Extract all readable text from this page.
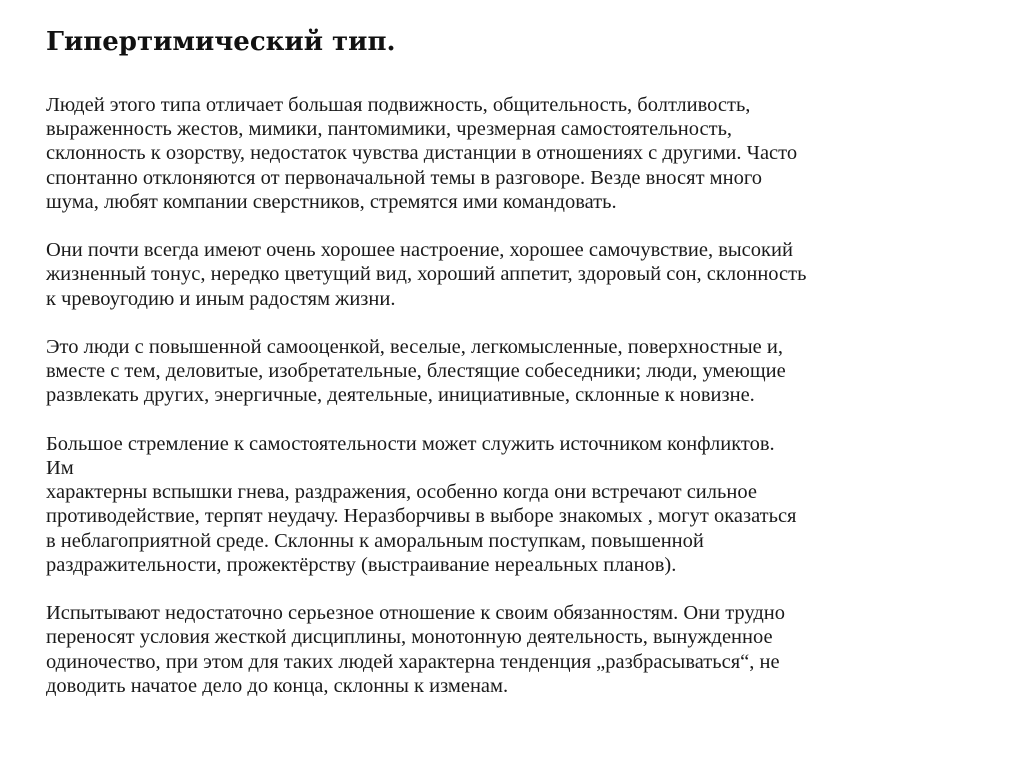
Гипертимический тип.
Людей этого типа отличает большая подвижность, общительность, болтливость,
выраженность жестов, мимики, пантомимики, чрезмерная самостоятельность,
склонность к озорству, недостаток чувства дистанции в отношениях с другими. Часто
спонтанно отклоняются от первоначальной темы в разговоре. Везде вносят много
шума, любят компании сверстников, стремятся ими командовать.
Они почти всегда имеют очень хорошее настроение, хорошее самочувствие, высокий
жизненный тонус, нередко цветущий вид, хороший аппетит, здоровый сон, склонность
к чревоугодию и иным радостям жизни.
Это люди с повышенной самооценкой, веселые, легкомысленные, поверхностные и,
вместе с тем, деловитые, изобретательные, блестящие собеседники; люди, умеющие
развлекать других, энергичные, деятельные, инициативные, склонные к новизне.
Большое стремление к самостоятельности может служить источником конфликтов.
Им
характерны вспышки гнева, раздражения, особенно когда они встречают сильное
противодействие, терпят неудачу. Неразборчивы в выборе знакомых , могут оказаться
в неблагоприятной среде. Склонны к аморальным поступкам, повышенной
раздражительности, прожектёрству (выстраивание нереальных планов).
Испытывают недостаточно серьезное отношение к своим обязанностям. Они трудно
переносят условия жесткой дисциплины, монотонную деятельность, вынужденное
одиночество, при этом для таких людей характерна тенденция „разбрасываться“, не
доводить начатое дело до конца, склонны к изменам.
